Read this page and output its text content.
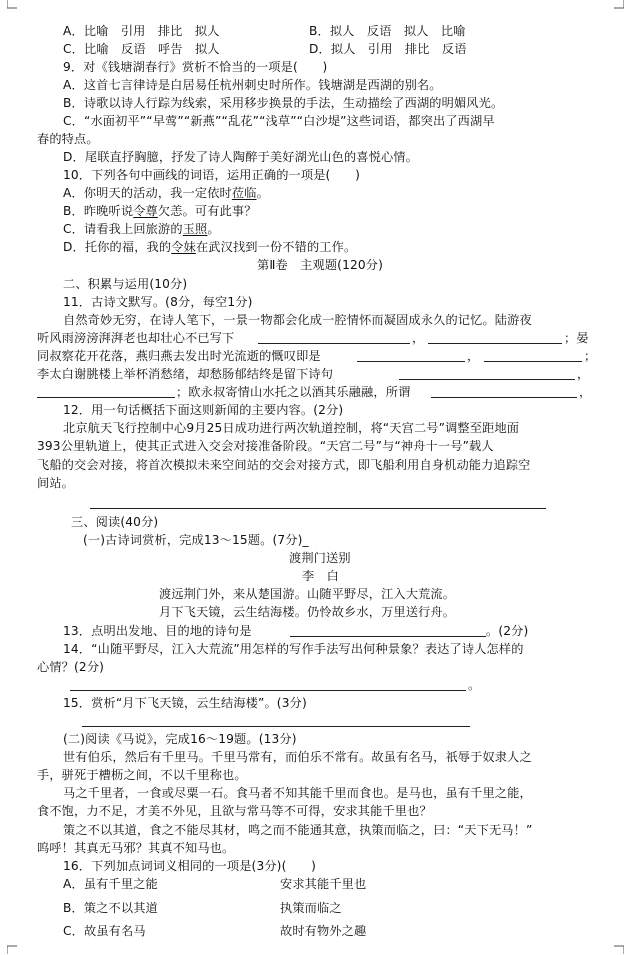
A．比喻　引用　排比　拟人	B．拟人　反语　拟人　比喻
C．比喻　反语　呼告　拟人	D．拟人　引用　排比　反语
9．对《钱塘湖春行》赏析不恰当的一项是(　　)
A．这首七言律诗是白居易任杭州刺史时所作。钱塘湖是西湖的别名。
B．诗歌以诗人行踪为线索，采用移步换景的手法，生动描绘了西湖的明媚风光。
C．“水面初平”“早莺”“新燕”“乱花”“浅草”“白沙堤”这些词语，都突出了西湖早
春的特点。
D．尾联直抒胸臆，抒发了诗人陶醉于美好湖光山色的喜悦心情。
10．下列各句中画线的词语，运用正确的一项是(　　)
A．你明天的活动，我一定依时莅临。
B．昨晚听说令尊欠恙。可有此事？
C．请看我上回旅游的玉照。
D．托你的福，我的令妹在武汉找到一份不错的工作。
第Ⅱ卷　主观题(120分)
二、积累与运用(10分)
11．古诗文默写。(8分，每空1分)
自然奇妙无穷，在诗人笔下，一景一物都会化成一腔情怀而凝固成永久的记忆。陆游夜
听风雨滂滂湃湃老也却壮心不已写下	，	；晏
同叔察花开花落，燕归燕去发出时光流逝的慨叹即是	，	；
李太白谢朓楼上举杯消愁绪，却愁肠郁结终是留下诗句	，
；欧永叔寄情山水托之以酒其乐融融，所谓	，
12．用一句话概括下面这则新闻的主要内容。(2分)
北京航天飞行控制中心9月25日成功进行两次轨道控制，将“天宫二号”调整至距地面
393公里轨道上，使其正式进入交会对接准备阶段。“天宫二号”与“神舟十一号”载人
飞船的交会对接，将首次模拟未来空间站的交会对接方式，即飞船利用自身机动能力追踪空
间站。
三、阅读(40分)
(一)古诗词赏析，完成13～15题。(7分)_
渡荆门送别
李　白
渡远荆门外，来从楚国游。山随平野尽，江入大荒流。
月下飞天镜，云生结海楼。仍怜故乡水，万里送行舟。
13．点明出发地、目的地的诗句是	。(2分)
14．“山随平野尽，江入大荒流”用怎样的写作手法写出何种景象？表达了诗人怎样的
心情？(2分)
。
15．赏析“月下飞天镜，云生结海楼”。(3分)
(二)阅读《马说》，完成16～19题。(13分)
世有伯乐，然后有千里马。千里马常有，而伯乐不常有。故虽有名马，祇辱于奴隶人之
手，骈死于槽枥之间，不以千里称也。
马之千里者，一食或尽粟一石。食马者不知其能千里而食也。是马也，虽有千里之能，
食不饱，力不足，才美不外见，且欲与常马等不可得，安求其能千里也？
策之不以其道，食之不能尽其材，鸣之而不能通其意，执策而临之，曰：“天下无马！”
呜呼！其真无马邪？其真不知马也。
16．下列加点词词义相同的一项是(3分)(　　)
A．虽有千里之能	安求其能千里也
B．策之不以其道	执策而临之
C．故虽有名马	故时有物外之趣
